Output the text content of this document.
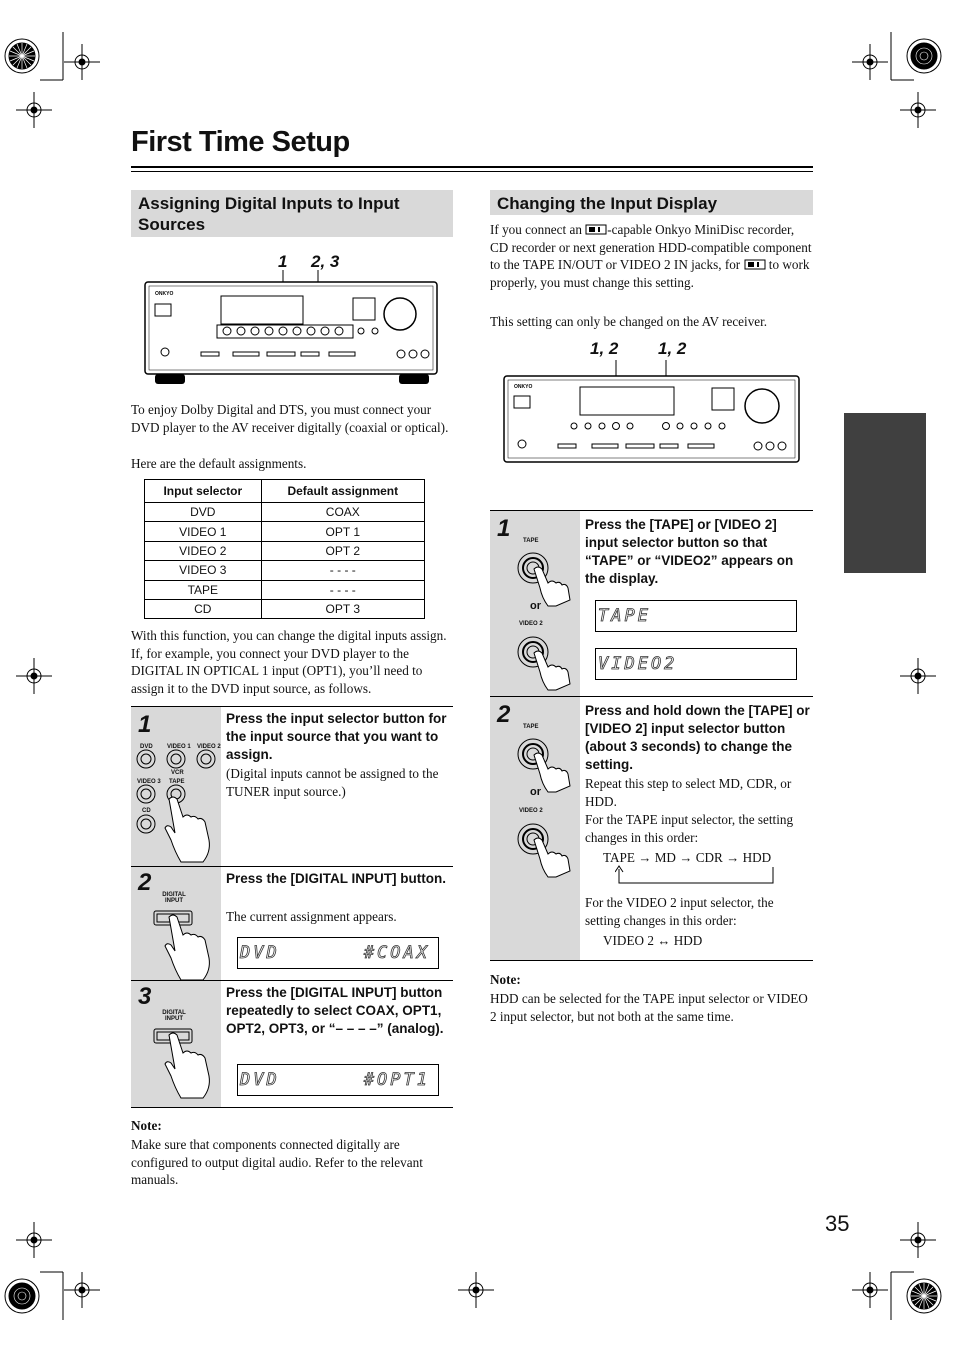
First Time Setup
Assigning Digital Inputs to Input Sources
1 2, 3
ONKYO
To enjoy Dolby Digital and DTS, you must connect your DVD player to the AV receiver digitally (coaxial or optical).
Here are the default assignments.
Input selector	Default assignment
DVD	COAX
VIDEO 1	OPT 1
VIDEO 2	OPT 2
VIDEO 3	- - - -
TAPE	- - - -
CD	OPT 3
With this function, you can change the digital inputs assign. If, for example, you connect your DVD player to the DIGITAL IN OPTICAL 1 input (OPT1), you’ll need to assign it to the DVD input source, as follows.
1
DVD VIDEO 1 VIDEO 2
VCR
VIDEO 3 TAPE
CD
Press the input selector button for the input source that you want to assign.
(Digital inputs cannot be assigned to the TUNER input source.)
2	DIGITAL INPUT
Press the [DIGITAL INPUT] button.
The current assignment appears.
DVD	#COAX
3
DIGITAL INPUT
Press the [DIGITAL INPUT] button repeatedly to select COAX, OPT1, OPT2, OPT3, or “– – – –” (analog).
DVD	#OPT1
Note:
Make sure that components connected digitally are configured to output digital audio. Refer to the relevant manuals.
Changing the Input Display
If you connect an -capable Onkyo MiniDisc recorder, CD recorder or next generation HDD-compatible component to the TAPE IN/OUT or VIDEO 2 IN jacks, for to work properly, you must change this setting.
This setting can only be changed on the AV receiver.
1, 2 1, 2
ONKYO
1 TAPE
or
VIDEO 2
Press the [TAPE] or [VIDEO 2] input selector button so that “TAPE” or “VIDEO2” appears on the display.
TAPE
VIDEO2
2 TAPE
or
VIDEO 2
Press and hold down the [TAPE] or [VIDEO 2] input selector button (about 3 seconds) to change the setting.
Repeat this step to select MD, CDR, or HDD.
For the TAPE input selector, the setting changes in this order:
TAPE → MD → CDR → HDD
For the VIDEO 2 input selector, the setting changes in this order:
VIDEO 2 ↔ HDD
Note:
HDD can be selected for the TAPE input selector or VIDEO 2 input selector, but not both at the same time.
35
